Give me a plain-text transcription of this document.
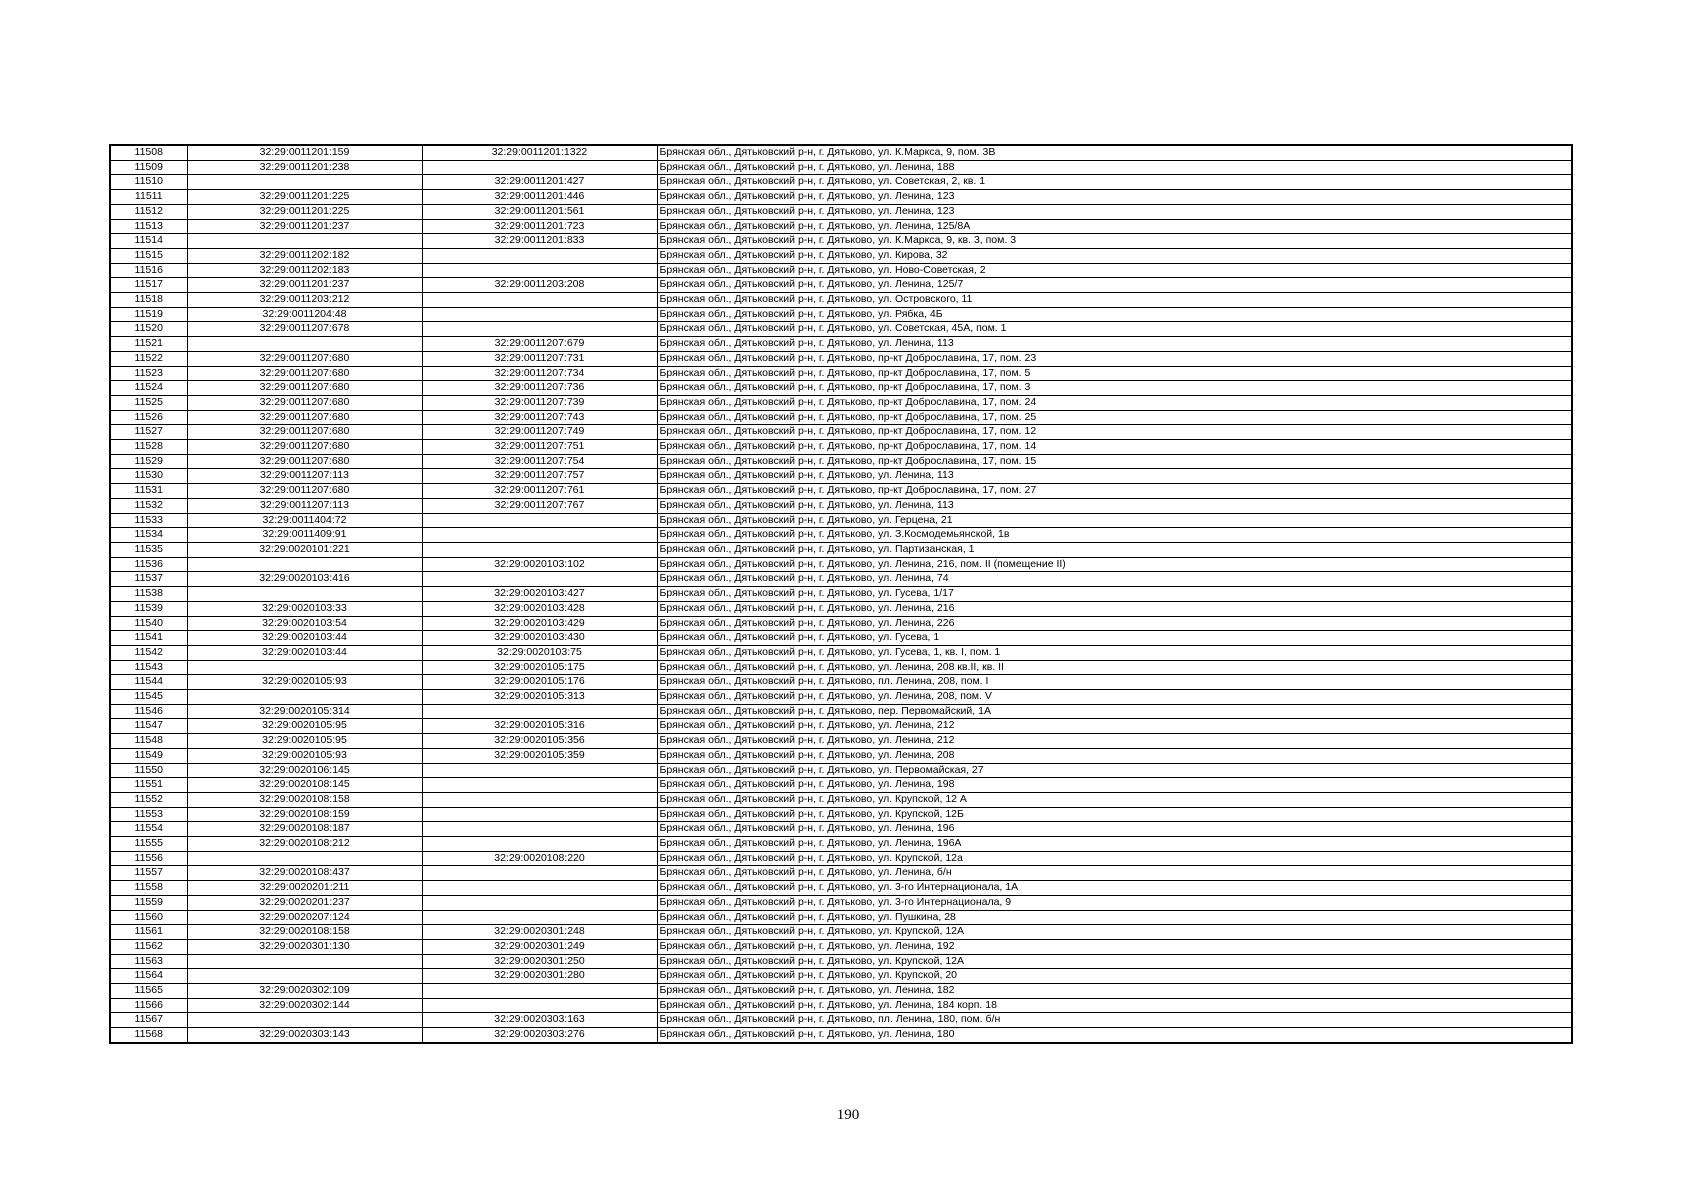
11508	32:29:0011201:159	32:29:0011201:1322	Брянская обл., Дятьковский р-н, г. Дятьково, ул. К.Маркса, 9, пом. 3В
11509	32:29:0011201:238		Брянская обл., Дятьковский р-н, г. Дятьково, ул. Ленина, 188
11510		32:29:0011201:427	Брянская обл., Дятьковский р-н, г. Дятьково, ул. Советская, 2, кв. 1
11511	32:29:0011201:225	32:29:0011201:446	Брянская обл., Дятьковский р-н, г. Дятьково, ул. Ленина, 123
11512	32:29:0011201:225	32:29:0011201:561	Брянская обл., Дятьковский р-н, г. Дятьково, ул. Ленина, 123
11513	32:29:0011201:237	32:29:0011201:723	Брянская обл., Дятьковский р-н, г. Дятьково, ул. Ленина, 125/8А
11514		32:29:0011201:833	Брянская обл., Дятьковский р-н, г. Дятьково, ул. К.Маркса, 9, кв. 3, пом. 3
11515	32:29:0011202:182		Брянская обл., Дятьковский р-н, г. Дятьково, ул. Кирова, 32
11516	32:29:0011202:183		Брянская обл., Дятьковский р-н, г. Дятьково, ул. Ново-Советская, 2
11517	32:29:0011201:237	32:29:0011203:208	Брянская обл., Дятьковский р-н, г. Дятьково, ул. Ленина, 125/7
11518	32:29:0011203:212		Брянская обл., Дятьковский р-н, г. Дятьково, ул. Островского, 11
11519	32:29:0011204:48		Брянская обл., Дятьковский р-н, г. Дятьково, ул. Рябка, 4Б
11520	32:29:0011207:678		Брянская обл., Дятьковский р-н, г. Дятьково, ул. Советская, 45А, пом. 1
11521		32:29:0011207:679	Брянская обл., Дятьковский р-н, г. Дятьково, ул. Ленина, 113
11522	32:29:0011207:680	32:29:0011207:731	Брянская обл., Дятьковский р-н, г. Дятьково, пр-кт Доброславина, 17, пом. 23
11523	32:29:0011207:680	32:29:0011207:734	Брянская обл., Дятьковский р-н, г. Дятьково, пр-кт Доброславина, 17, пом. 5
11524	32:29:0011207:680	32:29:0011207:736	Брянская обл., Дятьковский р-н, г. Дятьково, пр-кт Доброславина, 17, пом. 3
11525	32:29:0011207:680	32:29:0011207:739	Брянская обл., Дятьковский р-н, г. Дятьково, пр-кт Доброславина, 17, пом. 24
11526	32:29:0011207:680	32:29:0011207:743	Брянская обл., Дятьковский р-н, г. Дятьково, пр-кт Доброславина, 17, пом. 25
11527	32:29:0011207:680	32:29:0011207:749	Брянская обл., Дятьковский р-н, г. Дятьково, пр-кт Доброславина, 17, пом. 12
11528	32:29:0011207:680	32:29:0011207:751	Брянская обл., Дятьковский р-н, г. Дятьково, пр-кт Доброславина, 17, пом. 14
11529	32:29:0011207:680	32:29:0011207:754	Брянская обл., Дятьковский р-н, г. Дятьково, пр-кт Доброславина, 17, пом. 15
11530	32:29:0011207:113	32:29:0011207:757	Брянская обл., Дятьковский р-н, г. Дятьково, ул. Ленина, 113
11531	32:29:0011207:680	32:29:0011207:761	Брянская обл., Дятьковский р-н, г. Дятьково, пр-кт Доброславина, 17, пом. 27
11532	32:29:0011207:113	32:29:0011207:767	Брянская обл., Дятьковский р-н, г. Дятьково, ул. Ленина, 113
11533	32:29:0011404:72		Брянская обл., Дятьковский р-н, г. Дятьково, ул. Герцена, 21
11534	32:29:0011409:91		Брянская обл., Дятьковский р-н, г. Дятьково, ул. З.Космодемьянской, 1в
11535	32:29:0020101:221		Брянская обл., Дятьковский р-н, г. Дятьково, ул. Партизанская, 1
11536		32:29:0020103:102	Брянская обл., Дятьковский р-н, г. Дятьково, ул. Ленина, 216, пом. II (помещение II)
11537	32:29:0020103:416		Брянская обл., Дятьковский р-н, г. Дятьково, ул. Ленина, 74
11538		32:29:0020103:427	Брянская обл., Дятьковский р-н, г. Дятьково, ул. Гусева, 1/17
11539	32:29:0020103:33	32:29:0020103:428	Брянская обл., Дятьковский р-н, г. Дятьково, ул. Ленина, 216
11540	32:29:0020103:54	32:29:0020103:429	Брянская обл., Дятьковский р-н, г. Дятьково, ул. Ленина, 226
11541	32:29:0020103:44	32:29:0020103:430	Брянская обл., Дятьковский р-н, г. Дятьково, ул. Гусева, 1
11542	32:29:0020103:44	32:29:0020103:75	Брянская обл., Дятьковский р-н, г. Дятьково, ул. Гусева, 1, кв. I, пом. 1
11543		32:29:0020105:175	Брянская обл., Дятьковский р-н, г. Дятьково, ул. Ленина, 208 кв.II, кв. II
11544	32:29:0020105:93	32:29:0020105:176	Брянская обл., Дятьковский р-н, г. Дятьково, пл. Ленина, 208, пом. I
11545		32:29:0020105:313	Брянская обл., Дятьковский р-н, г. Дятьково, ул. Ленина, 208, пом. V
11546	32:29:0020105:314		Брянская обл., Дятьковский р-н, г. Дятьково, пер. Первомайский, 1А
11547	32:29:0020105:95	32:29:0020105:316	Брянская обл., Дятьковский р-н, г. Дятьково, ул. Ленина, 212
11548	32:29:0020105:95	32:29:0020105:356	Брянская обл., Дятьковский р-н, г. Дятьково, ул. Ленина, 212
11549	32:29:0020105:93	32:29:0020105:359	Брянская обл., Дятьковский р-н, г. Дятьково, ул. Ленина, 208
11550	32:29:0020106:145		Брянская обл., Дятьковский р-н, г. Дятьково, ул. Первомайская, 27
11551	32:29:0020108:145		Брянская обл., Дятьковский р-н, г. Дятьково, ул. Ленина, 198
11552	32:29:0020108:158		Брянская обл., Дятьковский р-н, г. Дятьково, ул. Крупской, 12 А
11553	32:29:0020108:159		Брянская обл., Дятьковский р-н, г. Дятьково, ул. Крупской, 12Б
11554	32:29:0020108:187		Брянская обл., Дятьковский р-н, г. Дятьково, ул. Ленина, 196
11555	32:29:0020108:212		Брянская обл., Дятьковский р-н, г. Дятьково, ул. Ленина, 196А
11556		32:29:0020108:220	Брянская обл., Дятьковский р-н, г. Дятьково, ул. Крупской, 12а
11557	32:29:0020108:437		Брянская обл., Дятьковский р-н, г. Дятьково, ул. Ленина, б/н
11558	32:29:0020201:211		Брянская обл., Дятьковский р-н, г. Дятьково, ул. 3-го Интернационала, 1А
11559	32:29:0020201:237		Брянская обл., Дятьковский р-н, г. Дятьково, ул. 3-го Интернационала, 9
11560	32:29:0020207:124		Брянская обл., Дятьковский р-н, г. Дятьково, ул. Пушкина, 28
11561	32:29:0020108:158	32:29:0020301:248	Брянская обл., Дятьковский р-н, г. Дятьково, ул. Крупской, 12А
11562	32:29:0020301:130	32:29:0020301:249	Брянская обл., Дятьковский р-н, г. Дятьково, ул. Ленина, 192
11563		32:29:0020301:250	Брянская обл., Дятьковский р-н, г. Дятьково, ул. Крупской, 12А
11564		32:29:0020301:280	Брянская обл., Дятьковский р-н, г. Дятьково, ул. Крупской, 20
11565	32:29:0020302:109		Брянская обл., Дятьковский р-н, г. Дятьково, ул. Ленина, 182
11566	32:29:0020302:144		Брянская обл., Дятьковский р-н, г. Дятьково, ул. Ленина, 184 корп. 18
11567		32:29:0020303:163	Брянская обл., Дятьковский р-н, г. Дятьково, пл. Ленина, 180, пом. б/н
11568	32:29:0020303:143	32:29:0020303:276	Брянская обл., Дятьковский р-н, г. Дятьково, ул. Ленина, 180
190
